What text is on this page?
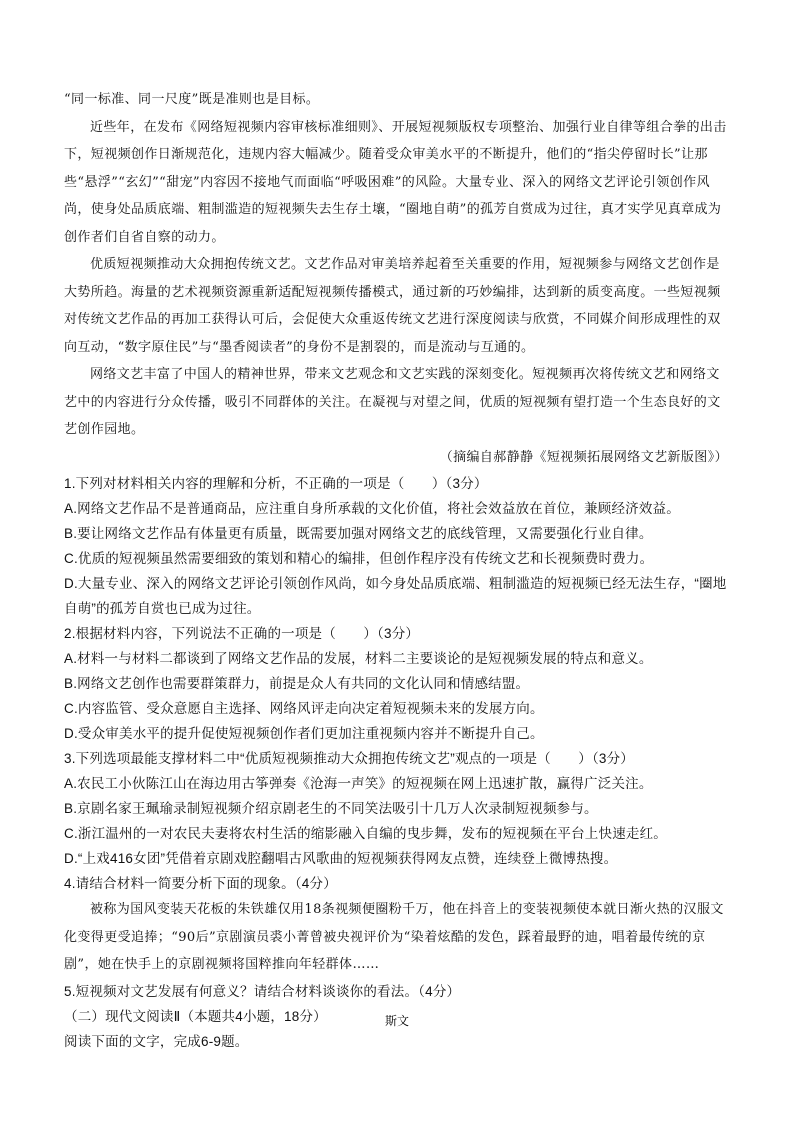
“同一标准、同一尺度”既是准则也是目标。

近些年，在发布《网络短视频内容审核标准细则》、开展短视频版权专项整治、加强行业自律等组合拳的出击下，短视频创作日渐规范化，违规内容大幅减少。随着受众审美水平的不断提升，他们的“指尖停留时长”让那些“悬浮”“玄幻”“甜宠”内容因不接地气而面临“呼吸困难”的风险。大量专业、深入的网络文艺评论引领创作风尚，使身处品质底端、粗制滥造的短视频失去生存土壤，“圈地自萌”的孤芳自赏成为过往，真才实学见真章成为创作者们自省自察的动力。

优质短视频推动大众拥抱传统文艺。文艺作品对审美培养起着至关重要的作用，短视频参与网络文艺创作是大势所趋。海量的艺术视频资源重新适配短视频传播模式，通过新的巧妙编排，达到新的质变高度。一些短视频对传统文艺作品的再加工获得认可后，会促使大众重返传统文艺进行深度阅读与欣赏，不同媒介间形成理性的双向互动，“数字原住民”与“墨香阅读者”的身份不是割裂的，而是流动与互通的。

网络文艺丰富了中国人的精神世界，带来文艺观念和文艺实践的深刻变化。短视频再次将传统文艺和网络文艺中的内容进行分众传播，吸引不同群体的关注。在凝视与对望之间，优质的短视频有望打造一个生态良好的文艺创作园地。

（摘编自郝静静《短视频拓展网络文艺新版图》）

1.下列对材料相关内容的理解和分析，不正确的一项是（　　）（3分）

A.网络文艺作品不是普通商品，应注重自身所承载的文化价值，将社会效益放在首位，兼顾经济效益。

B.要让网络文艺作品有体量更有质量，既需要加强对网络文艺的底线管理，又需要强化行业自律。

C.优质的短视频虽然需要细致的策划和精心的编排，但创作程序没有传统文艺和长视频费时费力。

D.大量专业、深入的网络文艺评论引领创作风尚，如今身处品质底端、粗制滥造的短视频已经无法生存，“圈地自萌”的孤芳自赏也已成为过往。

2.根据材料内容，下列说法不正确的一项是（　　）（3分）

A.材料一与材料二都谈到了网络文艺作品的发展，材料二主要谈论的是短视频发展的特点和意义。

B.网络文艺创作也需要群策群力，前提是众人有共同的文化认同和情感结盟。

C.内容监管、受众意愿自主选择、网络风评走向决定着短视频未来的发展方向。

D.受众审美水平的提升促使短视频创作者们更加注重视频内容并不断提升自己。

3.下列选项最能支撑材料二中“优质短视频推动大众拥抱传统文艺”观点的一项是（　　）（3分）

A.农民工小伙陈江山在海边用古筝弹奏《沧海一声笑》的短视频在网上迅速扩散，赢得广泛关注。

B.京剧名家王珮瑜录制短视频介绍京剧老生的不同笑法吸引十几万人次录制短视频参与。

C.浙江温州的一对农民夫妻将农村生活的缩影融入自编的曳步舞，发布的短视频在平台上快速走红。

D.“上戏416女团”凭借着京剧戏腔翻唱古风歌曲的短视频获得网友点赞，连续登上微博热搜。

4.请结合材料一简要分析下面的现象。（4分）

被称为国风变装天花板的朱铁雄仅用18条视频便圈粉千万，他在抖音上的变装视频使本就日渐火热的汉服文化变得更受追捧；“90后”京剧演员裘小菁曾被央视评价为“染着炫酷的发色，踩着最野的迪，唱着最传统的京剧”，她在快手上的京剧视频将国粹推向年轻群体……

5.短视频对文艺发展有何意义？请结合材料谈谈你的看法。（4分）

（二）现代文阅读Ⅱ（本题共4小题，18分）

阅读下面的文字，完成6-9题。

斯文
